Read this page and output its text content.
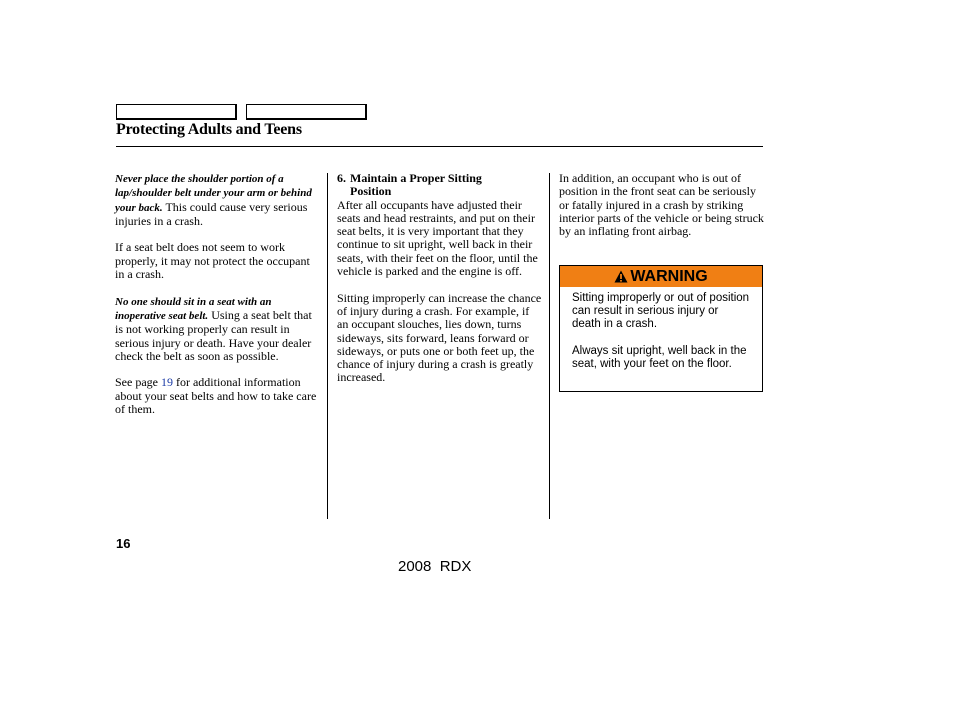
Protecting Adults and Teens

Never place the shoulder portion of a lap/shoulder belt under your arm or behind your back. This could cause very serious injuries in a crash.

If a seat belt does not seem to work properly, it may not protect the occupant in a crash.

No one should sit in a seat with an inoperative seat belt. Using a seat belt that is not working properly can result in serious injury or death. Have your dealer check the belt as soon as possible.

See page 19 for additional information about your seat belts and how to take care of them.

6. Maintain a Proper Sitting
Position

After all occupants have adjusted their seats and head restraints, and put on their seat belts, it is very important that they continue to sit upright, well back in their seats, with their feet on the floor, until the vehicle is parked and the engine is off.

Sitting improperly can increase the chance of injury during a crash. For example, if an occupant slouches, lies down, turns sideways, sits forward, leans forward or sideways, or puts one or both feet up, the chance of injury during a crash is greatly increased.

In addition, an occupant who is out of position in the front seat can be seriously or fatally injured in a crash by striking interior parts of the vehicle or being struck by an inflating front airbag.

WARNING

Sitting improperly or out of position can result in serious injury or death in a crash.

Always sit upright, well back in the seat, with your feet on the floor.

16
2008  RDX
